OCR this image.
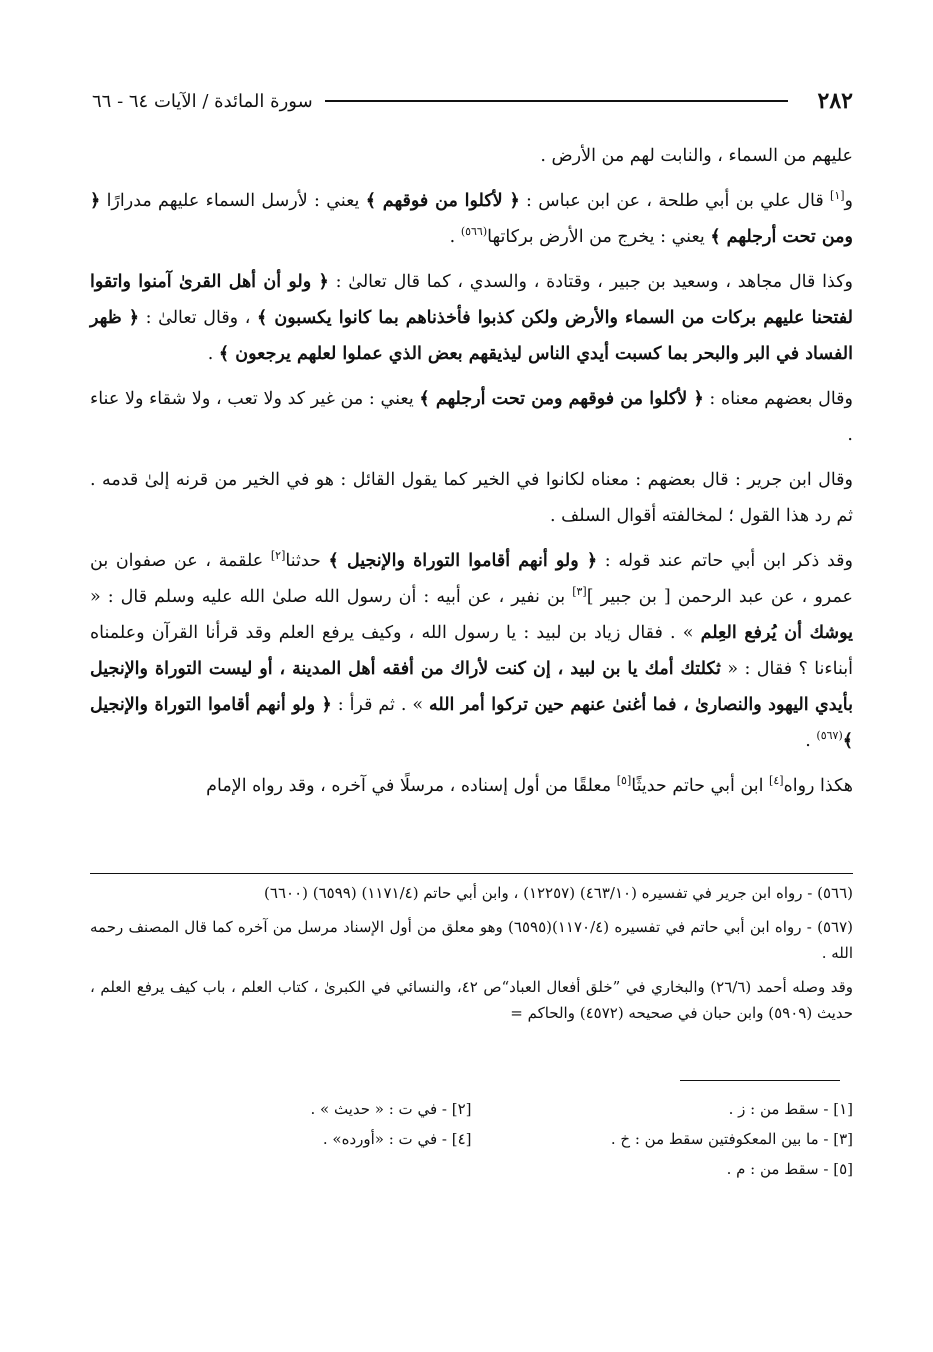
٢٨٢
سورة المائدة / الآيات ٦٤ - ٦٦

عليهم من السماء ، والنابت لهم من الأرض .

و[١] قال علي بن أبي طلحة ، عن ابن عباس : ﴿ لأكلوا من فوقهم ﴾ يعني : لأرسل السماء عليهم مدرارًا ﴿ ومن تحت أرجلهم ﴾ يعني : يخرج من الأرض بركاتها$^{(٥٦٦)}$ .

وكذا قال مجاهد ، وسعيد بن جبير ، وقتادة ، والسدي ، كما قال تعالىٰ : ﴿ ولو أن أهل القرىٰ آمنوا واتقوا لفتحنا عليهم بركات من السماء والأرض ولكن كذبوا فأخذناهم بما كانوا يكسبون ﴾ ، وقال تعالىٰ : ﴿ ظهر الفساد في البر والبحر بما كسبت أيدي الناس ليذيقهم بعض الذي عملوا لعلهم يرجعون ﴾ .

وقال بعضهم معناه : ﴿ لأكلوا من فوقهم ومن تحت أرجلهم ﴾ يعني : من غير كد ولا تعب ، ولا شقاء ولا عناء .

وقال ابن جرير : قال بعضهم : معناه لكانوا في الخير كما يقول القائل : هو في الخير من قرنه إلىٰ قدمه . ثم رد هذا القول ؛ لمخالفته أقوال السلف .

وقد ذكر ابن أبي حاتم عند قوله : ﴿ ولو أنهم أقاموا التوراة والإنجيل ﴾ حدثنا[٢] علقمة ، عن صفوان بن عمرو ، عن عبد الرحمن [ بن جبير ][٣] بن نفير ، عن أبيه : أن رسول الله صلىٰ الله عليه وسلم قال : « يوشك أن يُرفع العِلم » . فقال زياد بن لبيد : يا رسول الله ، وكيف يرفع العلم وقد قرأنا القرآن وعلمناه أبناءنا ؟ فقال : « ثكلتك أمك يا بن لبيد ، إن كنت لأراك من أفقه أهل المدينة ، أو ليست التوراة والإنجيل بأيدي اليهود والنصارىٰ ، فما أغنىٰ عنهم حين تركوا أمر الله » . ثم قرأ : ﴿ ولو أنهم أقاموا التوراة والإنجيل ﴾$^{(٥٦٧)}$ .

هكذا رواه[٤] ابن أبي حاتم حديثًا[٥] معلقًا من أول إسناده ، مرسلًا في آخره ، وقد رواه الإمام

(٥٦٦) - رواه ابن جرير في تفسيره (٤٦٣/١٠) (١٢٢٥٧) ، وابن أبي حاتم (١١٧١/٤) (٦٥٩٩) (٦٦٠٠)

(٥٦٧) - رواه ابن أبي حاتم في تفسيره (١١٧٠/٤)(٦٥٩٥) وهو معلق من أول الإسناد مرسل من آخره كما قال المصنف رحمه الله .

وقد وصله أحمد (٢٦/٦) والبخاري في ”خلق أفعال العباد“ص ٤٢، والنسائي في الكبرىٰ ، كتاب العلم ، باب كيف يرفع العلم ، حديث (٥٩٠٩) وابن حبان في صحيحه (٤٥٧٢) والحاكم =

[١] - سقط من : ز .
[٢] - في ت : « حديث » .
[٣] - ما بين المعكوفتين سقط من : خ .
[٤] - في ت : «أورده» .
[٥] - سقط من : م .
